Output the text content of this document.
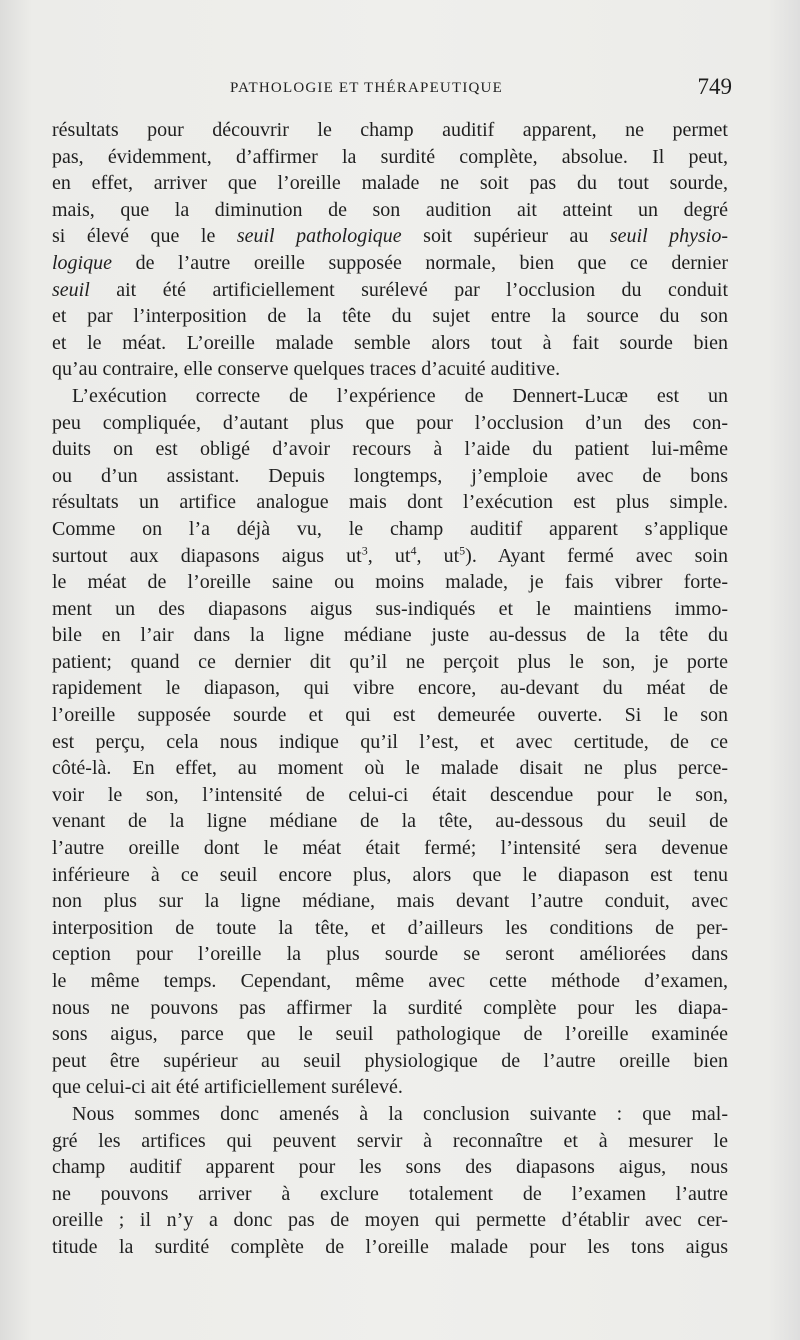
PATHOLOGIE ET THÉRAPEUTIQUE	749
résultats pour découvrir le champ auditif apparent, ne permet
pas, évidemment, d’affirmer la surdité complète, absolue. Il peut,
en effet, arriver que l’oreille malade ne soit pas du tout sourde,
mais, que la diminution de son audition ait atteint un degré
si élevé que le seuil pathologique soit supérieur au seuil physio-
logique de l’autre oreille supposée normale, bien que ce dernier
seuil ait été artificiellement surélevé par l’occlusion du conduit
et par l’interposition de la tête du sujet entre la source du son
et le méat. L’oreille malade semble alors tout à fait sourde bien
qu’au contraire, elle conserve quelques traces d’acuité auditive.
L’exécution correcte de l’expérience de Dennert-Lucæ est un
peu compliquée, d’autant plus que pour l’occlusion d’un des con-
duits on est obligé d’avoir recours à l’aide du patient lui-même
ou d’un assistant. Depuis longtemps, j’emploie avec de bons
résultats un artifice analogue mais dont l’exécution est plus simple.
Comme on l’a déjà vu, le champ auditif apparent s’applique
surtout aux diapasons aigus $ut^3$, $ut^4$, $ut^5$). Ayant fermé avec soin
le méat de l’oreille saine ou moins malade, je fais vibrer forte-
ment un des diapasons aigus sus-indiqués et le maintiens immo-
bile en l’air dans la ligne médiane juste au-dessus de la tête du
patient; quand ce dernier dit qu’il ne perçoit plus le son, je porte
rapidement le diapason, qui vibre encore, au-devant du méat de
l’oreille supposée sourde et qui est demeurée ouverte. Si le son
est perçu, cela nous indique qu’il l’est, et avec certitude, de ce
côté-là. En effet, au moment où le malade disait ne plus perce-
voir le son, l’intensité de celui-ci était descendue pour le son,
venant de la ligne médiane de la tête, au-dessous du seuil de
l’autre oreille dont le méat était fermé; l’intensité sera devenue
inférieure à ce seuil encore plus, alors que le diapason est tenu
non plus sur la ligne médiane, mais devant l’autre conduit, avec
interposition de toute la tête, et d’ailleurs les conditions de per-
ception pour l’oreille la plus sourde se seront améliorées dans
le même temps. Cependant, même avec cette méthode d’examen,
nous ne pouvons pas affirmer la surdité complète pour les diapa-
sons aigus, parce que le seuil pathologique de l’oreille examinée
peut être supérieur au seuil physiologique de l’autre oreille bien
que celui-ci ait été artificiellement surélevé.
Nous sommes donc amenés à la conclusion suivante : que mal-
gré les artifices qui peuvent servir à reconnaître et à mesurer le
champ auditif apparent pour les sons des diapasons aigus, nous
ne pouvons arriver à exclure totalement de l’examen l’autre
oreille ; il n’y a donc pas de moyen qui permette d’établir avec cer-
titude la surdité complète de l’oreille malade pour les tons aigus
